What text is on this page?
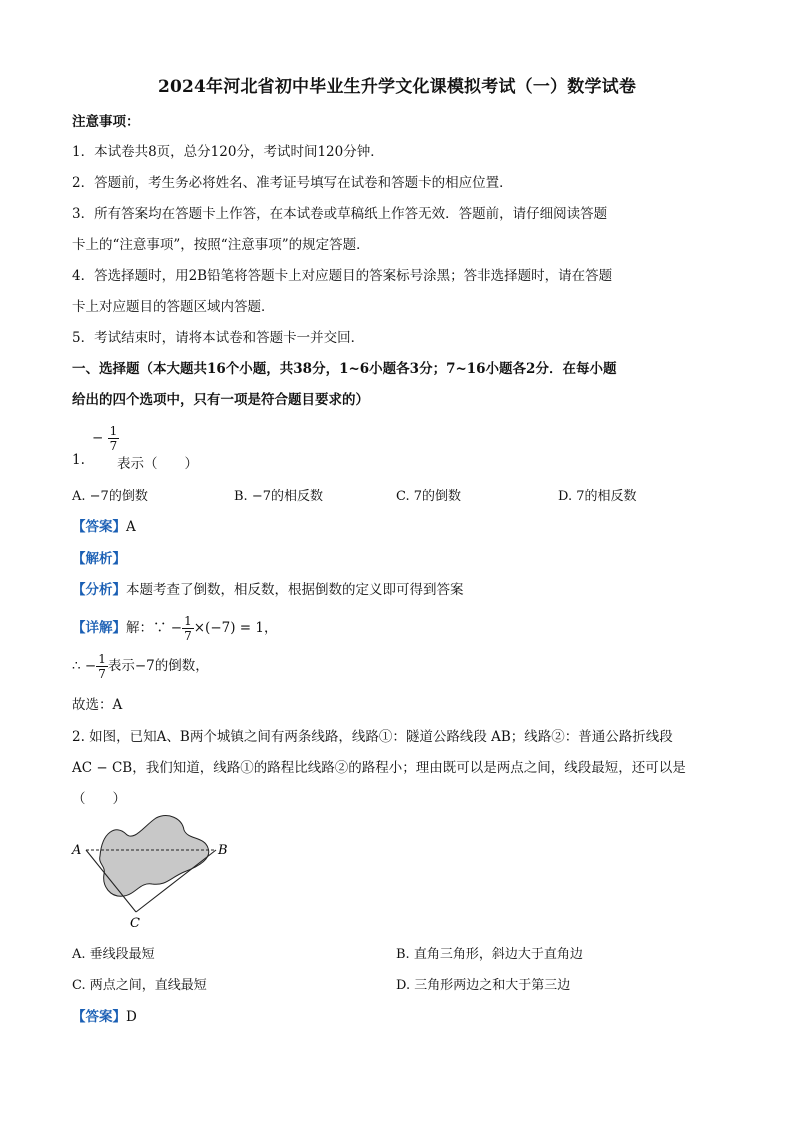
2024年河北省初中毕业生升学文化课模拟考试（一）数学试卷
注意事项：
1．本试卷共8页，总分120分，考试时间120分钟．
2．答题前，考生务必将姓名、准考证号填写在试卷和答题卡的相应位置．
3．所有答案均在答题卡上作答，在本试卷或草稿纸上作答无效．答题前，请仔细阅读答题
卡上的“注意事项”，按照“注意事项”的规定答题．
4．答选择题时，用2B铅笔将答题卡上对应题目的答案标号涂黑；答非选择题时，请在答题
卡上对应题目的答题区域内答题．
5．考试结束时，请将本试卷和答题卡一并交回．
一、选择题（本大题共16个小题，共38分，1~6小题各3分；7~16小题各2分．在每小题
给出的四个选项中，只有一项是符合题目要求的）
− $\frac{1}{7}$
1. 表示（　　）
A. −7的倒数	B. −7的相反数	C. 7的倒数	D. 7的相反数
【答案】A
【解析】
【分析】本题考查了倒数，相反数，根据倒数的定义即可得到答案
【详解】解：∵ − $\frac{1}{7} \times(-7) = 1$，
∴ − $\frac{1}{7}$ 表示−7的倒数，
故选：A
2. 如图，已知A、B两个城镇之间有两条线路，线路①：隧道公路线段 AB；线路②：普通公路折线段
AC − CB，我们知道，线路①的路程比线路②的路程小；理由既可以是两点之间，线段最短，还可以是
（　　）
A	B
C
A. 垂线段最短	B. 直角三角形，斜边大于直角边
C. 两点之间，直线最短	D. 三角形两边之和大于第三边
【答案】D
